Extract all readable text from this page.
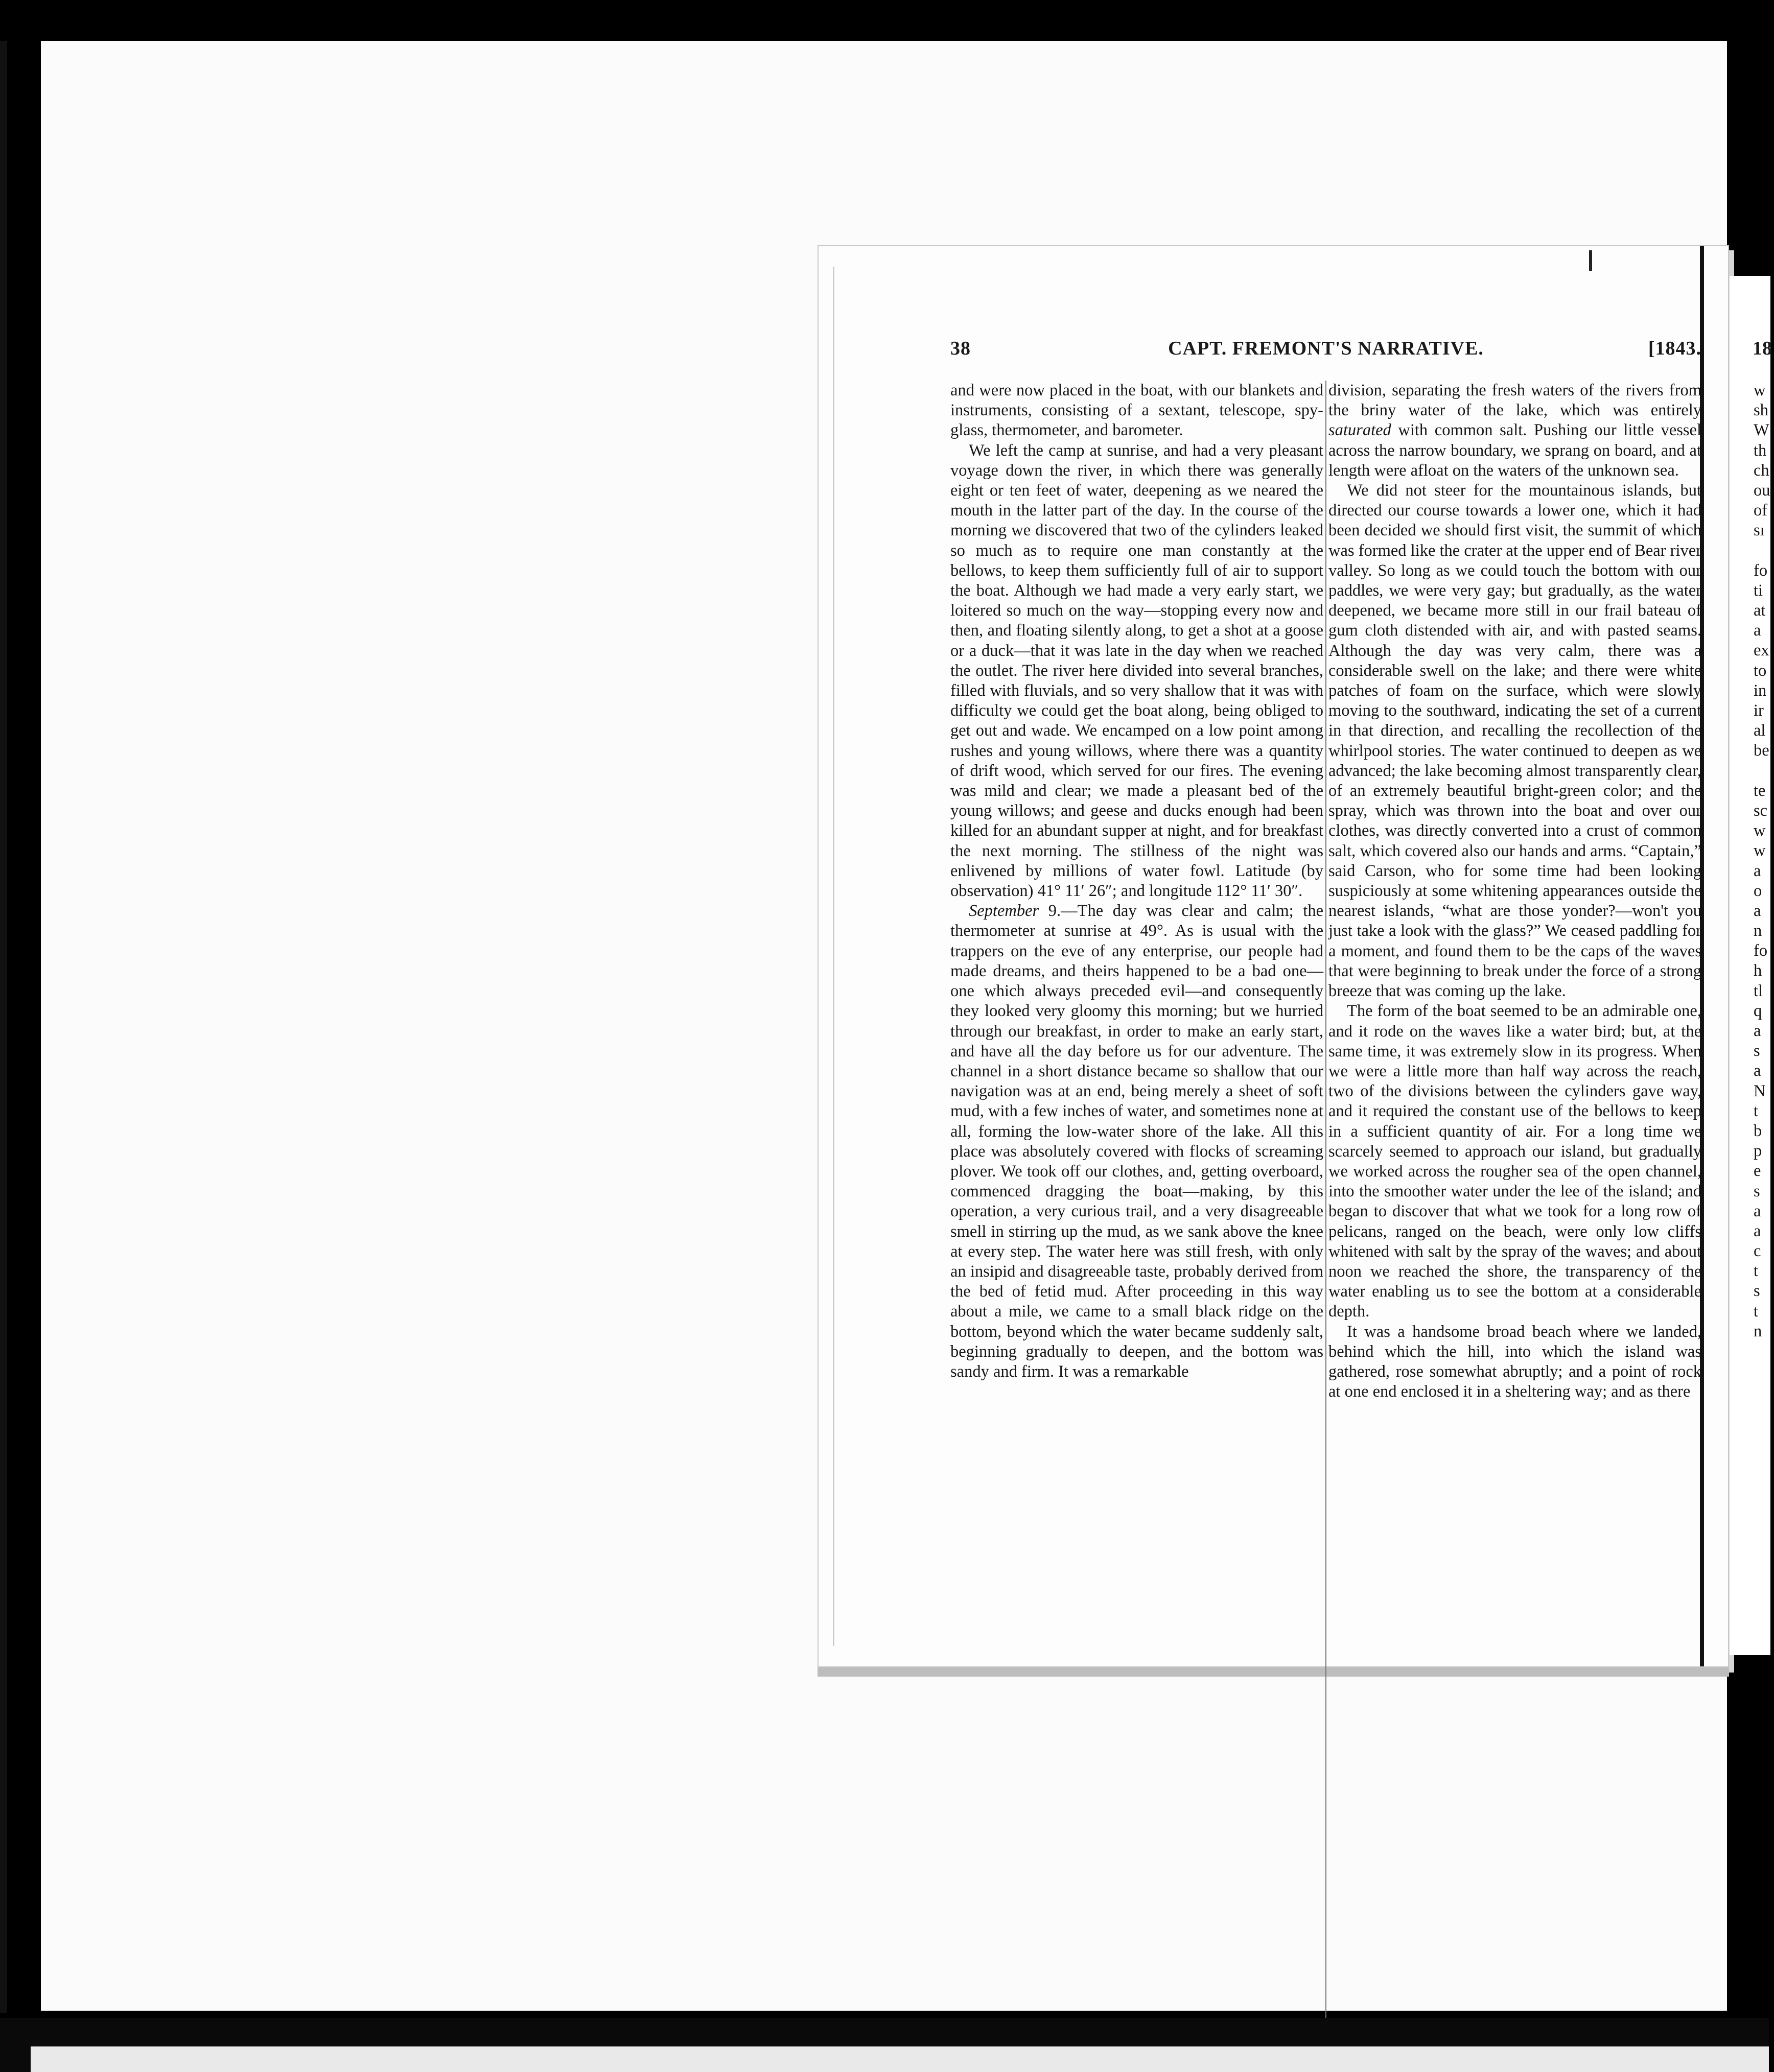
38	CAPT. FREMONT'S NARRATIVE.	[1843.	18

and were now placed in the boat, with our blankets and instruments, consisting of a sextant, telescope, spy-glass, thermometer, and barometer.

We left the camp at sunrise, and had a very pleasant voyage down the river, in which there was generally eight or ten feet of water, deepening as we neared the mouth in the latter part of the day. In the course of the morning we discovered that two of the cylinders leaked so much as to require one man constantly at the bellows, to keep them sufficiently full of air to support the boat. Although we had made a very early start, we loitered so much on the way—stopping every now and then, and floating silently along, to get a shot at a goose or a duck—that it was late in the day when we reached the outlet. The river here divided into several branches, filled with fluvials, and so very shallow that it was with difficulty we could get the boat along, being obliged to get out and wade. We encamped on a low point among rushes and young willows, where there was a quantity of drift wood, which served for our fires. The evening was mild and clear; we made a pleasant bed of the young willows; and geese and ducks enough had been killed for an abundant supper at night, and for breakfast the next morning. The stillness of the night was enlivened by millions of water fowl. Latitude (by observation) 41° 11′ 26″; and longitude 112° 11′ 30″.

September 9.—The day was clear and calm; the thermometer at sunrise at 49°. As is usual with the trappers on the eve of any enterprise, our people had made dreams, and theirs happened to be a bad one—one which always preceded evil—and consequently they looked very gloomy this morning; but we hurried through our breakfast, in order to make an early start, and have all the day before us for our adventure. The channel in a short distance became so shallow that our navigation was at an end, being merely a sheet of soft mud, with a few inches of water, and sometimes none at all, forming the low-water shore of the lake. All this place was absolutely covered with flocks of screaming plover. We took off our clothes, and, getting overboard, commenced dragging the boat—making, by this operation, a very curious trail, and a very disagreeable smell in stirring up the mud, as we sank above the knee at every step. The water here was still fresh, with only an insipid and disagreeable taste, probably derived from the bed of fetid mud. After proceeding in this way about a mile, we came to a small black ridge on the bottom, beyond which the water became suddenly salt, beginning gradually to deepen, and the bottom was sandy and firm. It was a remarkable

division, separating the fresh waters of the rivers from the briny water of the lake, which was entirely saturated with common salt. Pushing our little vessel across the narrow boundary, we sprang on board, and at length were afloat on the waters of the unknown sea.

We did not steer for the mountainous islands, but directed our course towards a lower one, which it had been decided we should first visit, the summit of which was formed like the crater at the upper end of Bear river valley. So long as we could touch the bottom with our paddles, we were very gay; but gradually, as the water deepened, we became more still in our frail bateau of gum cloth distended with air, and with pasted seams. Although the day was very calm, there was a considerable swell on the lake; and there were white patches of foam on the surface, which were slowly moving to the southward, indicating the set of a current in that direction, and recalling the recollection of the whirlpool stories. The water continued to deepen as we advanced; the lake becoming almost transparently clear, of an extremely beautiful bright-green color; and the spray, which was thrown into the boat and over our clothes, was directly converted into a crust of common salt, which covered also our hands and arms. “Captain,” said Carson, who for some time had been looking suspiciously at some whitening appearances outside the nearest islands, “what are those yonder?—won't you just take a look with the glass?” We ceased paddling for a moment, and found them to be the caps of the waves that were beginning to break under the force of a strong breeze that was coming up the lake.

The form of the boat seemed to be an admirable one, and it rode on the waves like a water bird; but, at the same time, it was extremely slow in its progress. When we were a little more than half way across the reach, two of the divisions between the cylinders gave way, and it required the constant use of the bellows to keep in a sufficient quantity of air. For a long time we scarcely seemed to approach our island, but gradually we worked across the rougher sea of the open channel, into the smoother water under the lee of the island; and began to discover that what we took for a long row of pelicans, ranged on the beach, were only low cliffs whitened with salt by the spray of the waves; and about noon we reached the shore, the transparency of the water enabling us to see the bottom at a considerable depth.

It was a handsome broad beach where we landed, behind which the hill, into which the island was gathered, rose somewhat abruptly; and a point of rock at one end enclosed it in a sheltering way; and as there

w
sh
W
th
ch
ou
of
sı
fo
ti
at
a
ex
to
in
ir
al
be
te
sc
w
w
a
o
a
n
fo
h
tl
q
a
s
a
N
t
b
p
e
s
a
a
c
t
s
t
n
